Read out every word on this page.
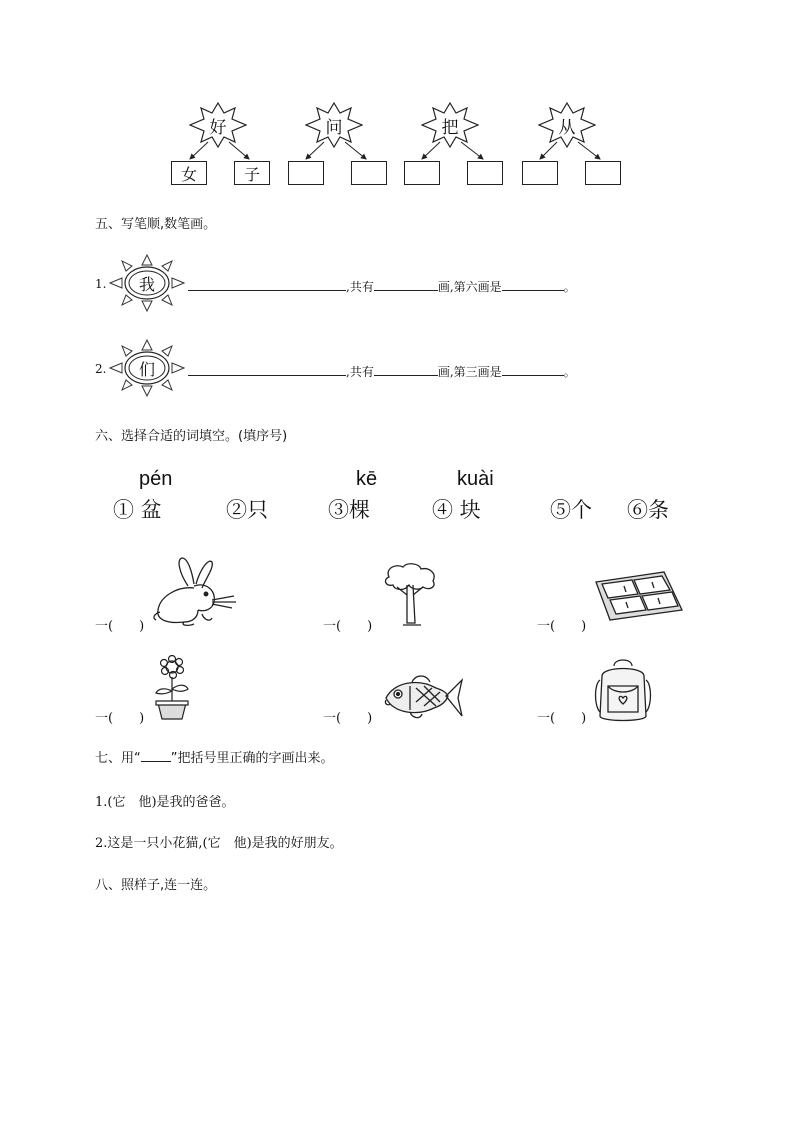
好	问	把	从
女	子
五、写笔顺,数笔画。
1.	我	,共有	画,第六画是	。
2.	们	,共有	画,第三画是	。
六、选择合适的词填空。(填序号)
pén	kē	kuài
① 盆	②只	③棵	④ 块	⑤个 ⑥条
一(　　)	一(　　)	一(　　)
一(　　)	一(　　)	一(　　)
七、用“ ”把括号里正确的字画出来。
1.(它　他)是我的爸爸。
2.这是一只小花猫,(它　他)是我的好朋友。
八、照样子,连一连。
